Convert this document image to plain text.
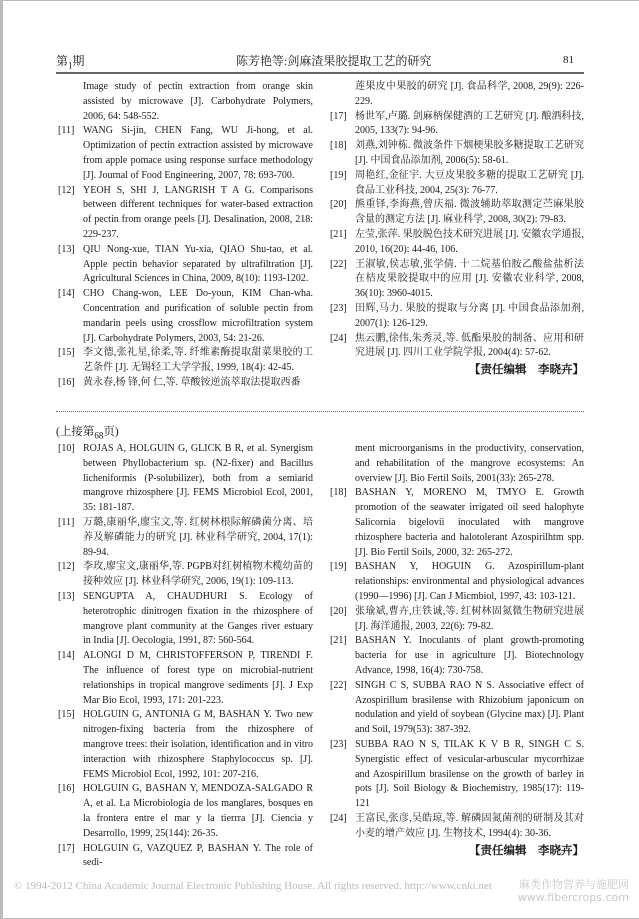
第$_1$期	陈芳艳等:剑麻渣果胶提取工艺的研究	81
Image study of pectin extraction from orange skin assisted by microwave [J]. Carbohydrate Polymers, 2006, 64: 548-552.
[11] WANG Si-jin, CHEN Fang, WU Ji-hong, et al. Optimization of pectin extraction assisted by microwave from apple pomace using response surface methodology [J]. Journal of Food Engineering, 2007, 78: 693-700.
[12] YEOH S, SHI J, LANGRISH T A G. Comparisons between different techniques for water-based extraction of pectin from orange peels [J]. Desalination, 2008, 218: 229-237.
[13] QIU Nong-xue, TIAN Yu-xia, QIAO Shu-tao, et al. Apple pectin behavior separated by ultrafiltration [J]. Agricultural Sciences in China, 2009, 8(10): 1193-1202.
[14] CHO Chang-won, LEE Do-youn, KIM Chan-wha. Concentration and purification of soluble pectin from mandarin peels using crossflow microfiltration system [J]. Carbohydrate Polymers, 2003, 54: 21-26.
[15] 李文德,张礼星,徐柔,等. 纤维素酶提取甜菜果胶的工艺条件 [J]. 无锡轻工大学学报, 1999, 18(4): 42-45.
[16] 黄永春,杨 锋,何 仁,等. 草酸铵逆流萃取法提取西番
莲果皮中果胶的研究 [J]. 食品科学, 2008, 29(9): 226-229.
[17] 杨世军,卢璐. 剑麻柄保健酒的工艺研究 [J]. 酿酒科技, 2005, 133(7): 94-96.
[18] 刘燕,刘钟栋. 微波条件下烟梗果胶多糖提取工艺研究 [J]. 中国食品添加剂, 2006(5): 58-61.
[19] 周艳红,金征宇. 大豆皮果胶多糖的提取工艺研究 [J]. 食品工业科技, 2004, 25(3): 76-77.
[20] 熊重铎,李海燕,曾庆福. 微波辅助萃取测定苎麻果胶含量的测定方法 [J]. 麻业科学, 2008, 30(2): 79-83.
[21] 左莹,张萍. 果胶脱色技术研究进展 [J]. 安徽农学通报, 2010, 16(20): 44-46, 106.
[22] 王淑敏,侯志敏,张学倩. 十二烷基伯胺乙酸盐盐析法在桔皮果胶提取中的应用 [J]. 安徽农业科学, 2008, 36(10): 3960-4015.
[23] 田辉,马力. 果胶的提取与分离 [J]. 中国食品添加剂, 2007(1): 126-129.
[24] 焦云鹏,徐伟,朱秀灵,等. 低酯果胶的制备、应用和研究进展 [J]. 四川工业学院学报, 2004(4): 57-62.
【责任编辑　李晓卉】
(上接第$_{68}$页)
[10] ROJAS A, HOLGUIN G, GLICK B R, et al. Synergism between Phyllobacterium sp. (N2-fixer) and Bacillus licheniformis (P-solubilizer), both from a semiarid mangrove rhizosphere [J]. FEMS Microbiol Ecol, 2001, 35: 181-187.
[11] 万璐,康丽华,廖宝文,等. 红树林根际解磷菌分离、培养及解磷能力的研究 [J]. 林业科学研究, 2004, 17(1): 89-94.
[12] 李玫,廖宝文,康丽华,等. PGPB对红树植物木榄幼苗的接种效应 [J]. 林业科学研究, 2006, 19(1): 109-113.
[13] SENGUPTA A, CHAUDHURI S. Ecology of heterotrophic dinitrogen fixation in the rhizosphere of mangrove plant community at the Ganges river estuary in India [J]. Oecologia, 1991, 87: 560-564.
[14] ALONGI D M, CHRISTOFFERSON P, TIRENDI F. The influence of forest type on microbial-nutrient relationships in tropical mangrove sediments [J]. J Exp Mar Bio Ecol, 1993, 171: 201-223.
[15] HOLGUIN G, ANTONIA G M, BASHAN Y. Two new nitrogen-fixing bacteria from the rhizosphere of mangrove trees: their isolation, identification and in vitro interaction with rhizosphere Staphylococcus sp. [J]. FEMS Microbiol Ecol, 1992, 101: 207-216.
[16] HOLGUIN G, BASHAN Y, MENDOZA-SALGADO R A, et al. La Microbiologia de los manglares, bosques en la frontera entre el mar y la tierrra [J]. Ciencia y Desarrollo, 1999, 25(144): 26-35.
[17] HOLGUIN G, VAZQUEZ P, BASHAN Y. The role of sedi-
ment microorganisms in the productivity, conservation, and rehabilitation of the mangrove ecosystems: An overview [J]. Bio Fertil Soils, 2001(33): 265-278.
[18] BASHAN Y, MORENO M, TMYO E. Growth promotion of the seawater irrigated oil seed halophyte Salicornia bigelovii inoculated with mangrove rhizosphere bacteria and halotolerant Azospirilhtm spp. [J]. Bio Fertil Soils, 2000, 32: 265-272.
[19] BASHAN Y, HOGUIN G. Azospirillum-plant relationships: environmental and physiological advances (1990—1996) [J]. Can J Micmbiol, 1997, 43: 103-121.
[20] 张瑜斌,曹卉,庄铁诚,等. 红树林固氮微生物研究进展 [J]. 海洋通报, 2003, 22(6): 79-82.
[21] BASHAN Y. Inoculants of plant growth-promoting bacteria for use in agriculture [J]. Biotechnology Advance, 1998, 16(4): 730-758.
[22] SINGH C S, SUBBA RAO N S. Associative effect of Azospirillum brasilense with Rhizobium japonicum on nodulation and yield of soybean (Glycine max) [J]. Plant and Soil, 1979(53): 387-392.
[23] SUBBA RAO N S, TILAK K V B R, SINGH C S. Synergistic effect of vesicular-arbuscular mycorrhizae and Azospirillum brasilense on the growth of barley in pots [J]. Soil Biology & Biochemistry, 1985(17): 119-121
[24] 王富民,张彦,吴皓琼,等. 解磷固氮菌剂的研制及其对小麦的增产效应 [J]. 生物技术, 1994(4): 30-36.
【责任编辑　李晓卉】
© 1994-2012 China Academic Journal Electronic Publishing House. All rights reserved. http://www.cnki.net 麻类作物营养与施肥网
www.fibercrops.com
